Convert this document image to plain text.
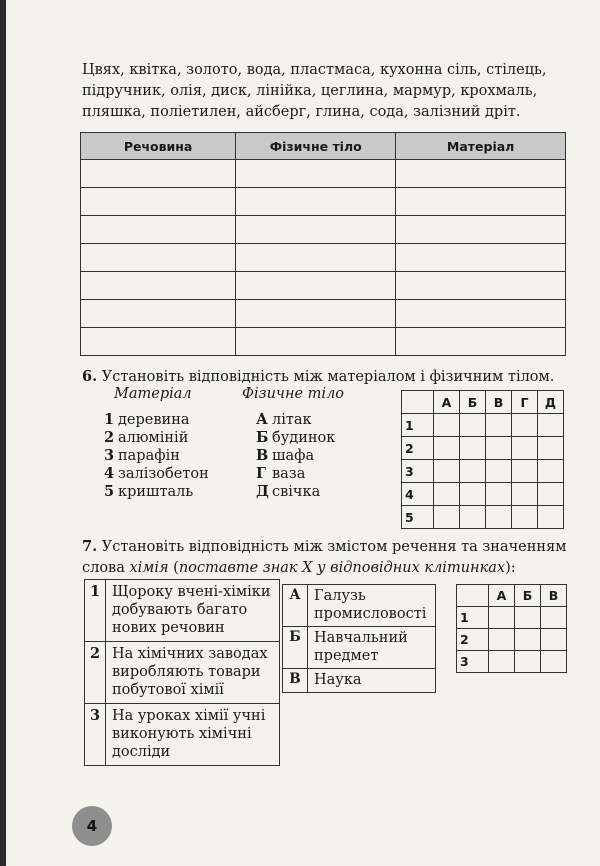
Цвях, квітка, золото, вода, пластмаса, кухонна сіль, стілець,

підручник, олія, диск, лінійка, цеглина, мармур, крохмаль,

пляшка, поліетилен, айсберг, глина, сода, залізний дріт.

Речовина	Фізичне тіло	Матеріал

6. Установіть відповідність між матеріалом і фізичним тілом.
Матеріал	Фізичне тіло
1 деревина
2 алюміній
3 парафін
4 залізобетон
5 кришталь
А літак
Б будинок
В шафа
Г ваза
Д свічка
	А	Б	В	Г	Д
1					
2					
3					
4					
5					
7. Установіть відповідність між змістом речення та значенням
слова хімія (поставте знак Х у відповідних клітинках):
1 Щороку вчені-хіміки добувають багато нових речовин
2 На хімічних заводах виробляють товари побутової хімії
3 На уроках хімії учні виконують хімічні досліди
А Галузь промисловості
Б Навчальний предмет
В Наука
	А	Б	В
1			
2			
3			
4
